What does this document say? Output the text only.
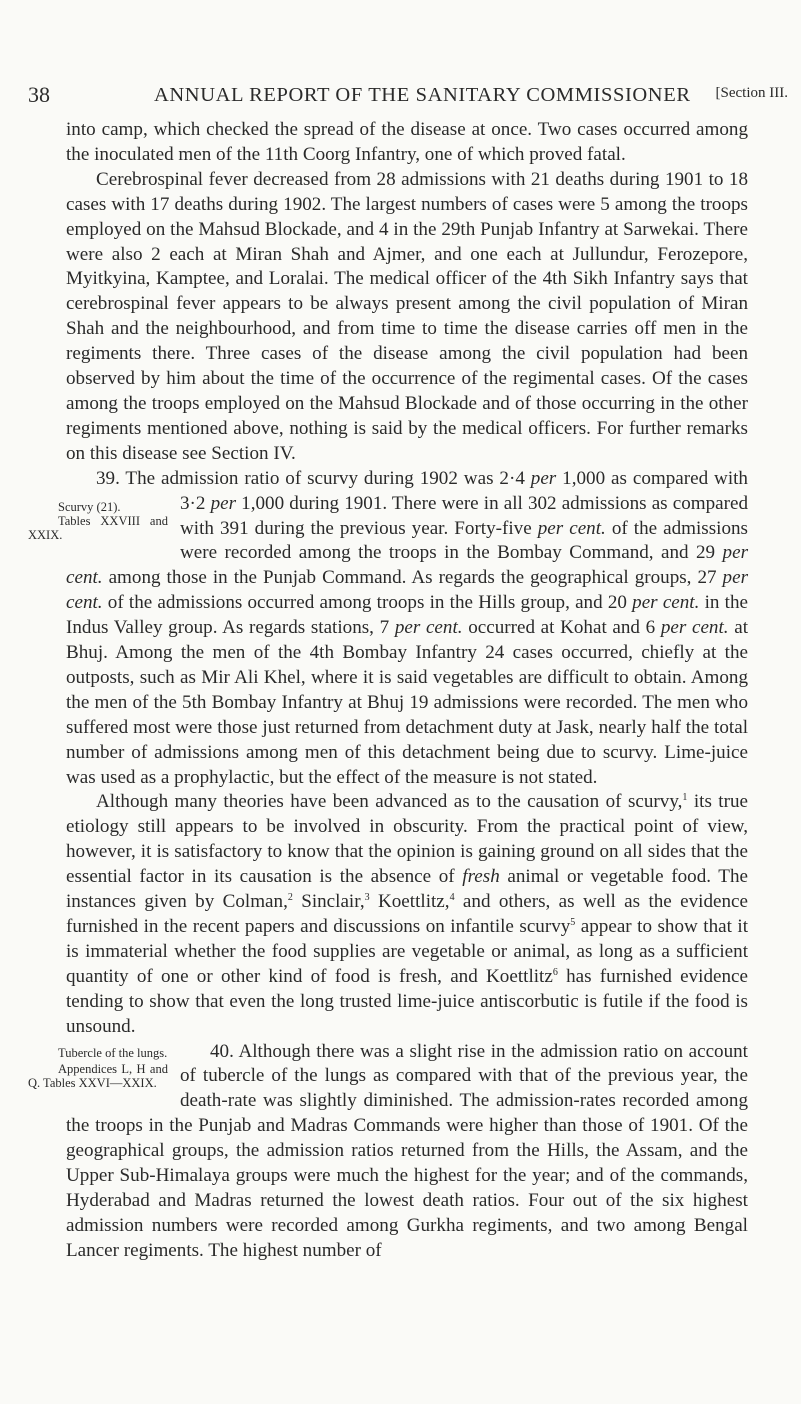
38	ANNUAL REPORT OF THE SANITARY COMMISSIONER [Section III.

into camp, which checked the spread of the disease at once. Two cases occurred among the inoculated men of the 11th Coorg Infantry, one of which proved fatal.

Cerebrospinal fever decreased from 28 admissions with 21 deaths during 1901 to 18 cases with 17 deaths during 1902. The largest numbers of cases were 5 among the troops employed on the Mahsud Blockade, and 4 in the 29th Punjab Infantry at Sarwekai. There were also 2 each at Miran Shah and Ajmer, and one each at Jullundur, Ferozepore, Myitkyina, Kamptee, and Loralai. The medical officer of the 4th Sikh Infantry says that cerebrospinal fever appears to be always present among the civil population of Miran Shah and the neighbourhood, and from time to time the disease carries off men in the regiments there. Three cases of the disease among the civil population had been observed by him about the time of the occurrence of the regimental cases. Of the cases among the troops employed on the Mahsud Blockade and of those occurring in the other regiments mentioned above, nothing is said by the medical officers. For further remarks on this disease see Section IV.

39. The admission ratio of scurvy during 1902 was 2·4 per 1,000 as compared with 3·2
Scurvy (21).
Tables XXVIII and XXIX.
per 1,000 during 1901. There were in all 302 admissions as compared with 391 during the previous year. Forty-five per cent. of the admissions were recorded among the troops in the Bombay Command, and 29 per cent. among those in the Punjab Command. As regards the geographical groups, 27 per cent. of the admissions occurred among troops in the Hills group, and 20 per cent. in the Indus Valley group. As regards stations, 7 per cent. occurred at Kohat and 6 per cent. at Bhuj. Among the men of the 4th Bombay Infantry 24 cases occurred, chiefly at the outposts, such as Mir Ali Khel, where it is said vegetables are difficult to obtain. Among the men of the 5th Bombay Infantry at Bhuj 19 admissions were recorded. The men who suffered most were those just returned from detachment duty at Jask, nearly half the total number of admissions among men of this detachment being due to scurvy. Lime-juice was used as a prophylactic, but the effect of the measure is not stated.

Although many theories have been advanced as to the causation of scurvy,$^1$ its true etiology still appears to be involved in obscurity. From the practical point of view, however, it is satisfactory to know that the opinion is gaining ground on all sides that the essential factor in its causation is the absence of fresh animal or vegetable food. The instances given by Colman,$^2$ Sinclair,$^3$ Koettlitz,$^4$ and others, as well as the evidence furnished in the recent papers and discussions on infantile scurvy$^5$ appear to show that it is immaterial whether the food supplies are vegetable or animal, as long as a sufficient quantity of one or other kind of food is fresh, and Koettlitz$^6$ has furnished evidence tending to show that even the long trusted lime-juice antiscorbutic is futile if the food is unsound.

Tubercle of the lungs.
Appendices L, H and Q. Tables XXVI—XXIX.
40. Although there was a slight rise in the admission ratio on account of tubercle of the lungs as compared with that of the previous year, the death-rate was slightly diminished. The admission-rates recorded among the troops in the Punjab and Madras Commands were higher than those of 1901. Of the geographical groups, the admission ratios returned from the Hills, the Assam, and the Upper Sub-Himalaya groups were much the highest for the year; and of the commands, Hyderabad and Madras returned the lowest death ratios. Four out of the six highest admission numbers were recorded among Gurkha regiments, and two among Bengal Lancer regiments. The highest number of
